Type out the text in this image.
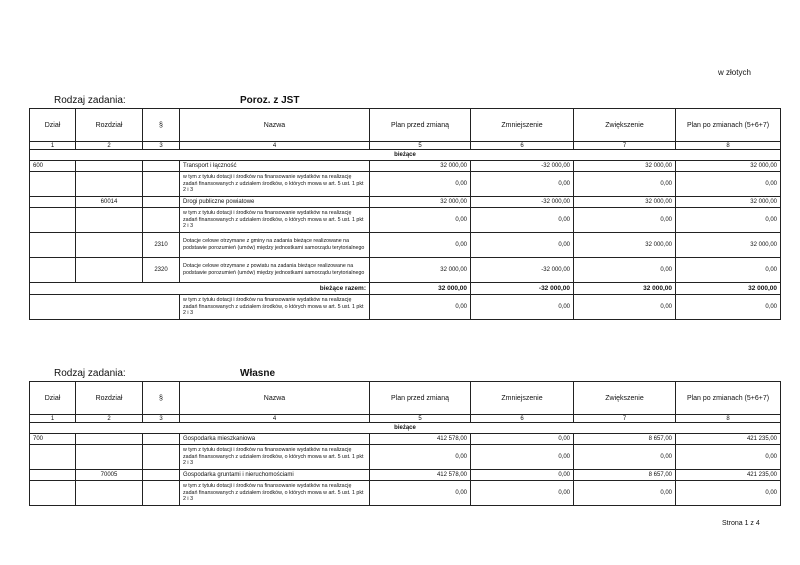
w złotych
Rodzaj zadania:	Poroz. z JST
Dział	Rozdział	§	Nazwa	Plan przed zmianą	Zmniejszenie	Zwiększenie	Plan po zmianach (5+6+7)
1	2	3	4	5	6	7	8
bieżące							
600			Transport i łączność	32 000,00	-32 000,00	32 000,00	32 000,00
			w tym z tytułu dotacji i środków na finansowanie wydatków na realizację zadań finansowanych z udziałem środków, o których mowa w art. 5 ust. 1 pkt 2 i 3	0,00	0,00	0,00	0,00
	60014		Drogi publiczne powiatowe	32 000,00	-32 000,00	32 000,00	32 000,00
			w tym z tytułu dotacji i środków na finansowanie wydatków na realizację zadań finansowanych z udziałem środków, o których mowa w art. 5 ust. 1 pkt 2 i 3	0,00	0,00	0,00	0,00
		2310	Dotacje celowe otrzymane z gminy na zadania bieżące realizowane na podstawie porozumień (umów) między jednostkami samorządu terytorialnego	0,00	0,00	32 000,00	32 000,00
		2320	Dotacje celowe otrzymane z powiatu na zadania bieżące realizowane na podstawie porozumień (umów) między jednostkami samorządu terytorialnego	32 000,00	-32 000,00	0,00	0,00
bieżące razem:				32 000,00	-32 000,00	32 000,00	32 000,00
			w tym z tytułu dotacji i środków na finansowanie wydatków na realizację zadań finansowanych z udziałem środków, o których mowa w art. 5 ust. 1 pkt 2 i 3	0,00	0,00	0,00	0,00
Rodzaj zadania:	Własne
Dział	Rozdział	§	Nazwa	Plan przed zmianą	Zmniejszenie	Zwiększenie	Plan po zmianach (5+6+7)
1	2	3	4	5	6	7	8
bieżące							
700			Gospodarka mieszkaniowa	412 578,00	0,00	8 657,00	421 235,00
			w tym z tytułu dotacji i środków na finansowanie wydatków na realizację zadań finansowanych z udziałem środków, o których mowa w art. 5 ust. 1 pkt 2 i 3	0,00	0,00	0,00	0,00
	70005		Gospodarka gruntami i nieruchomościami	412 578,00	0,00	8 657,00	421 235,00
			w tym z tytułu dotacji i środków na finansowanie wydatków na realizację zadań finansowanych z udziałem środków, o których mowa w art. 5 ust. 1 pkt 2 i 3	0,00	0,00	0,00	0,00
Strona 1 z 4
